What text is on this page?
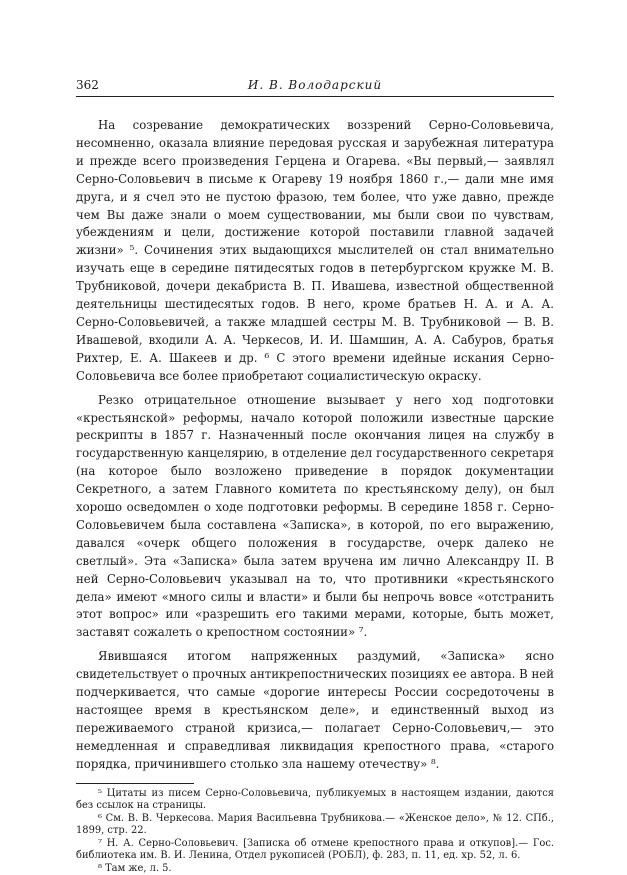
362	И. В. Володарский

На созревание демократических воззрений Серно-Соловьевича, несомненно, оказала влияние передовая русская и зарубежная литература и прежде всего произведения Герцена и Огарева. «Вы первый,— заявлял Серно-Соловьевич в письме к Огареву 19 ноября 1860 г.,— дали мне имя друга, и я счел это не пустою фразою, тем более, что уже давно, прежде чем Вы даже знали о моем существовании, мы были свои по чувствам, убеждениям и цели, достижение которой поставили главной задачей жизни» ⁵. Сочинения этих выдающихся мыслителей он стал внимательно изучать еще в середине пятидесятых годов в петербургском кружке М. В. Трубниковой, дочери декабриста В. П. Ивашева, известной общественной деятельницы шестидесятых годов. В него, кроме братьев Н. А. и А. А. Серно-Соловьевичей, а также младшей сестры М. В. Трубниковой — В. В. Ивашевой, входили А. А. Черкесов, И. И. Шамшин, А. А. Сабуров, братья Рихтер, Е. А. Шакеев и др. ⁶ С этого времени идейные искания Серно-Соловьевича все более приобретают социалистическую окраску.

Резко отрицательное отношение вызывает у него ход подготовки «крестьянской» реформы, начало которой положили известные царские рескрипты в 1857 г. Назначенный после окончания лицея на службу в государственную канцелярию, в отделение дел государственного секретаря (на которое было возложено приведение в порядок документации Секретного, а затем Главного комитета по крестьянскому делу), он был хорошо осведомлен о ходе подготовки реформы. В середине 1858 г. Серно-Соловьевичем была составлена «Записка», в которой, по его выражению, давался «очерк общего положения в государстве, очерк далеко не светлый». Эта «Записка» была затем вручена им лично Александру II. В ней Серно-Соловьевич указывал на то, что противники «крестьянского дела» имеют «много силы и власти» и были бы непрочь вовсе «отстранить этот вопрос» или «разрешить его такими мерами, которые, быть может, заставят сожалеть о крепостном состоянии» ⁷.

Явившаяся итогом напряженных раздумий, «Записка» ясно свидетельствует о прочных антикрепостнических позициях ее автора. В ней подчеркивается, что самые «дорогие интересы России сосредоточены в настоящее время в крестьянском деле», и единственный выход из переживаемого страной кризиса,— полагает Серно-Соловьевич,— это немедленная и справедливая ликвидация крепостного права, «старого порядка, причинившего столько зла нашему отечеству» ⁸.

⁵ Цитаты из писем Серно-Соловьевича, публикуемых в настоящем издании, даются без ссылок на страницы.

⁶ См. В. В. Черкесова. Мария Васильевна Трубникова.— «Женское дело», № 12. СПб., 1899, стр. 22.

⁷ Н. А. Серно-Соловьевич. [Записка об отмене крепостного права и откупов].— Гос. библиотека им. В. И. Ленина, Отдел рукописей (РОБЛ), ф. 283, п. 11, ед. хр. 52, л. 6.

⁸ Там же, л. 5.
